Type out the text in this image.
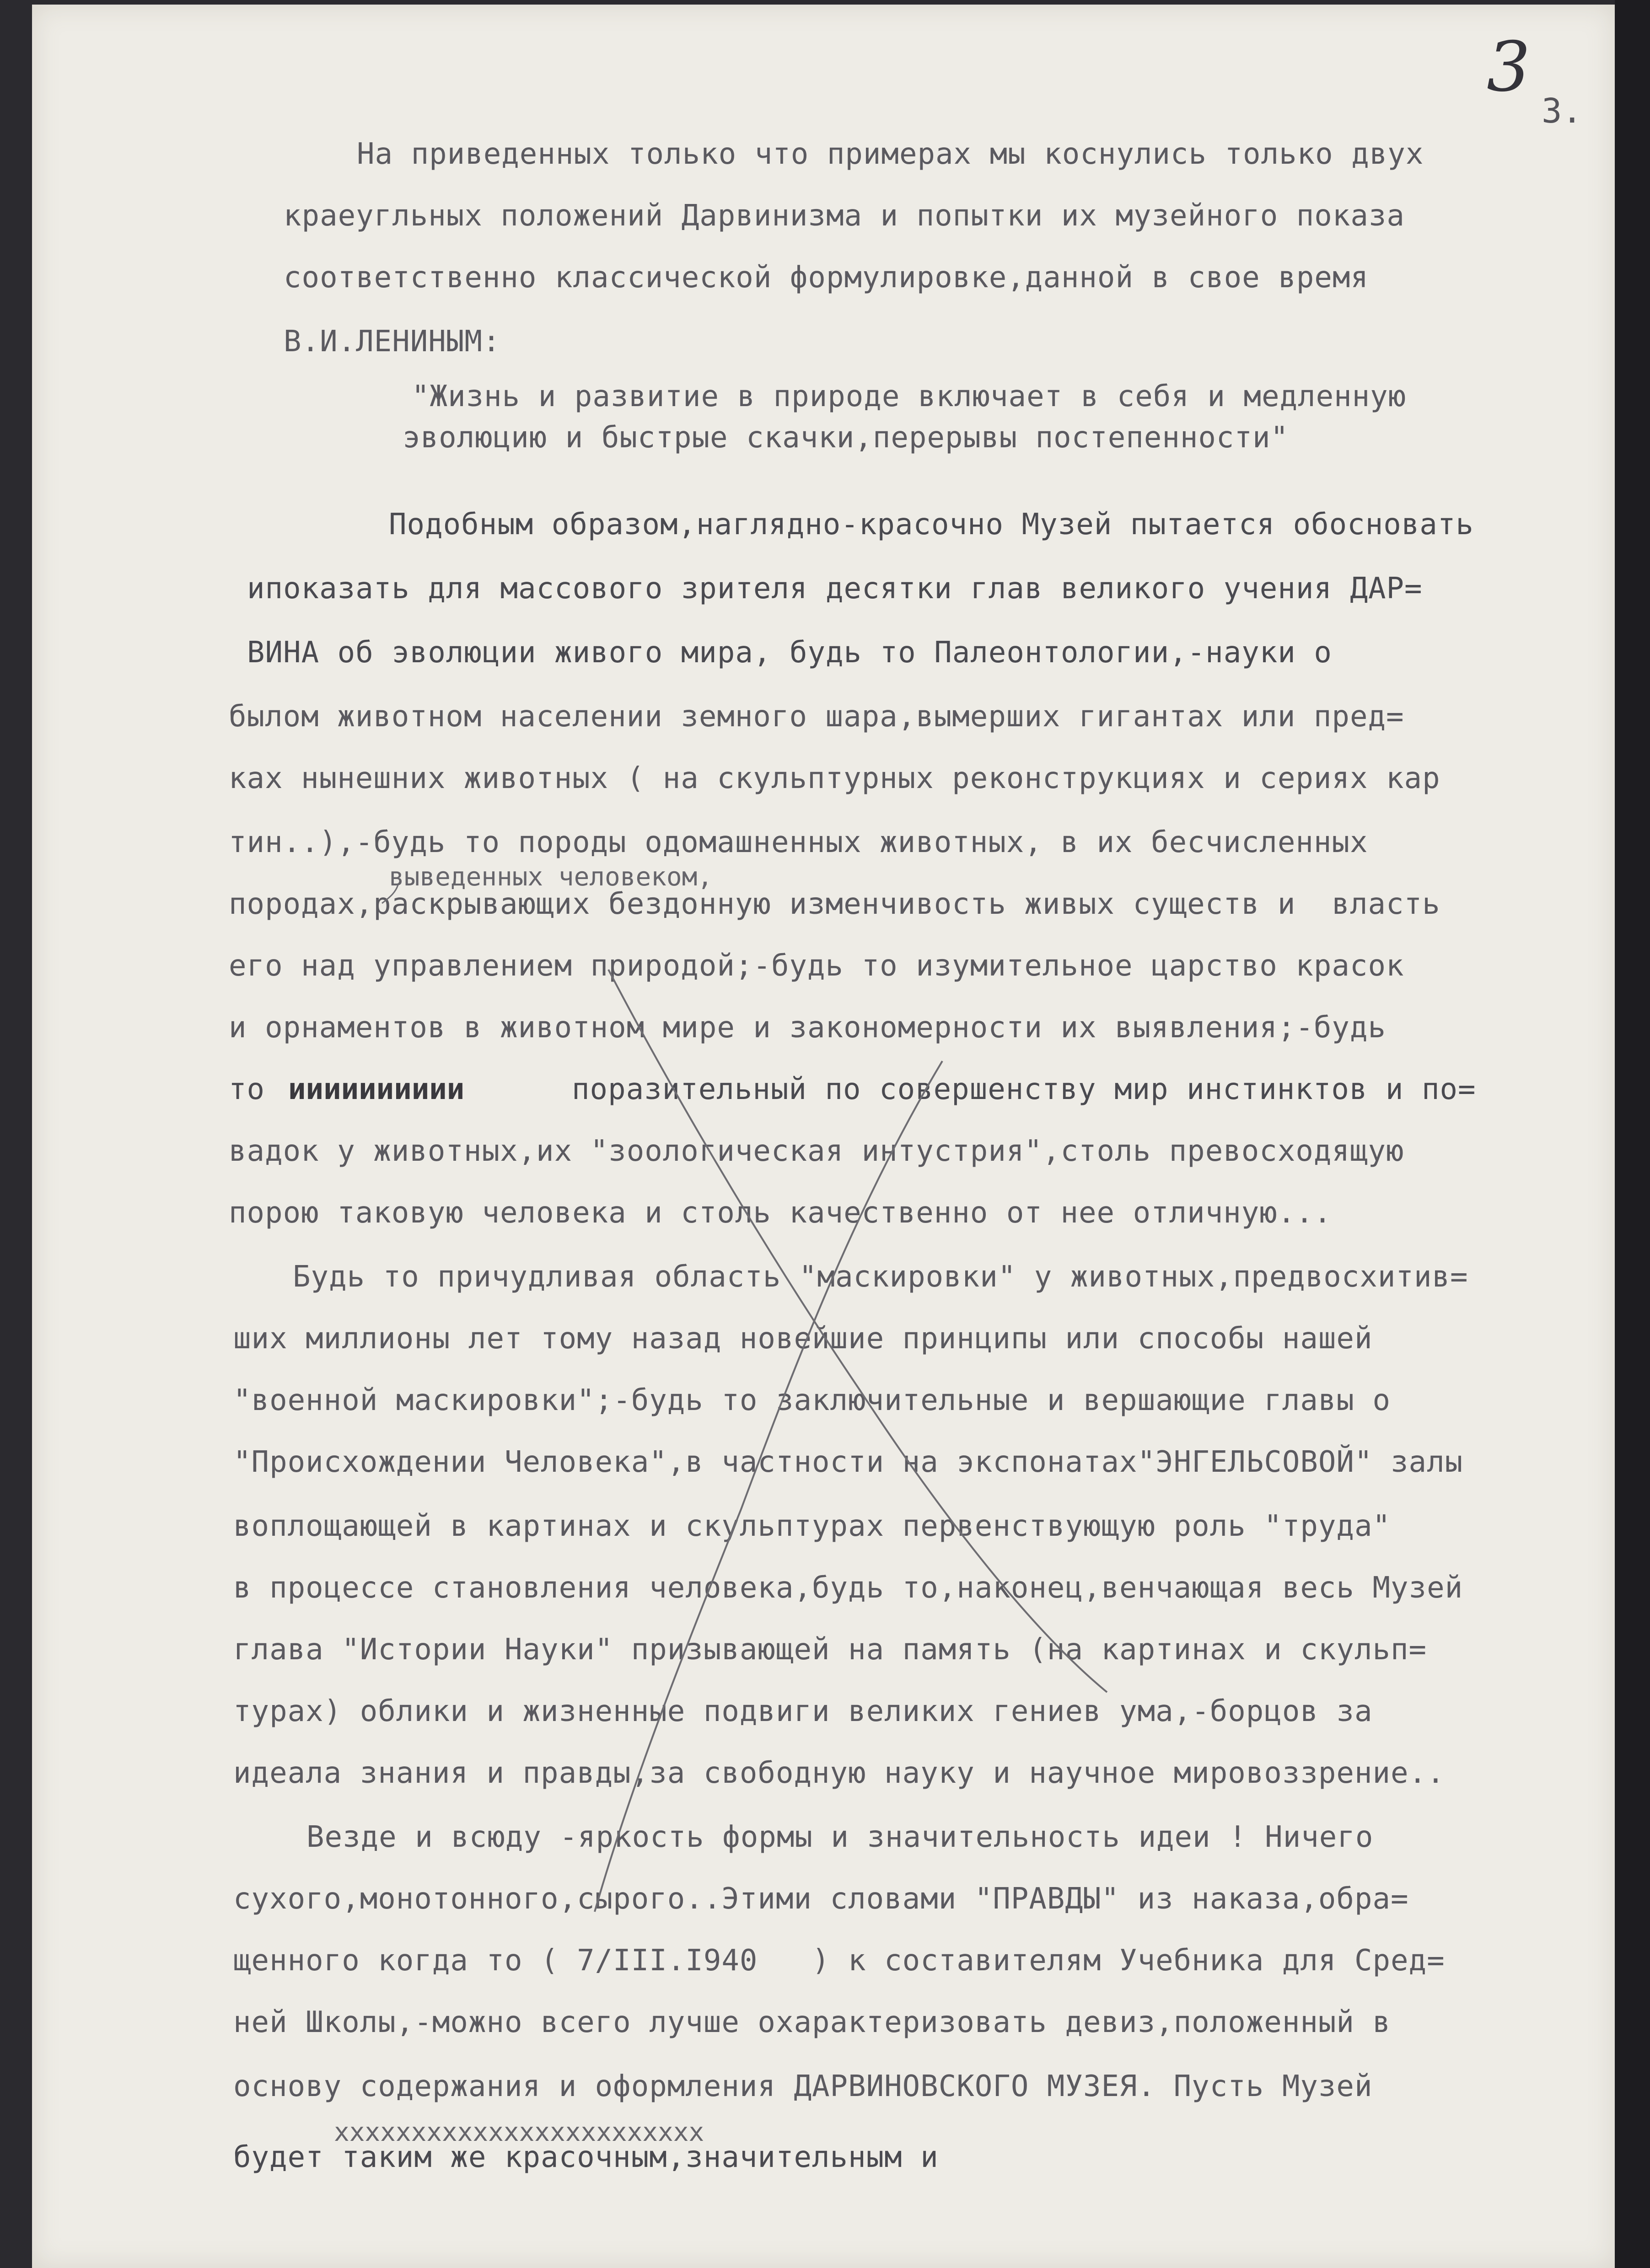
3
3.
На приведенных только что примерах мы коснулись только двух
краеугльных положений Дарвинизма и попытки их музейного показа
соответственно классической формулировке,данной в свое время
В.И.ЛЕНИНЫМ:
"Жизнь и развитие в природе включает в себя и медленную
эволюцию и быстрые скачки,перерывы постепенности"
Подобным образом,наглядно-красочно Музей пытается обосновать
ипоказать для массового зрителя десятки глав великого учения ДАР=
ВИНА об эволюции живого мира, будь то Палеонтологии,-науки о
былом животном населении земного шара,вымерших гигантах или пред=
ках нынешних животных ( на скульптурных реконструкциях и сериях кар
тин..),-будь то породы одомашненных животных, в их бесчисленных
выведенных человеком,
породах,раскрывающих бездонную изменчивость живых существ и  власть
его над управлением природой;-будь то изумительное царство красок
и орнаментов в животном мире и закономерности их выявления;-будь
то ииииииииии	поразительный по совершенству мир инстинктов и по=
вадок у животных,их "зоологическая интустрия",столь превосходящую
порою таковую человека и столь качественно от нее отличную...
Будь то причудливая область "маскировки" у животных,предвосхитив=
ших миллионы лет тому назад новейшие принципы или способы нашей
"военной маскировки";-будь то заключительные и вершающие главы о
"Происхождении Человека",в частности на экспонатах"ЭНГЕЛЬСОВОЙ" залы
воплощающей в картинах и скульптурах первенствующую роль "труда"
в процессе становления человека,будь то,наконец,венчающая весь Музей
глава "Истории Науки" призывающей на память (на картинах и скульп=
турах) облики и жизненные подвиги великих гениев ума,-борцов за
идеала знания и правды,за свободную науку и научное мировоззрение..
Везде и всюду -яркость формы и значительность идеи ! Ничего
сухого,монотонного,сырого..Этими словами "ПРАВДЫ" из наказа,обра=
щенного когда то ( 7/III.I940   ) к составителям Учебника для Сред=
ней Школы,-можно всего лучше охарактеризовать девиз,положенный в
основу содержания и оформления ДАРВИНОВСКОГО МУЗЕЯ. Пусть Музей
xxxxxxxxxxxxxxxxxxxxxxxx
будет таким же красочным,значительным и
